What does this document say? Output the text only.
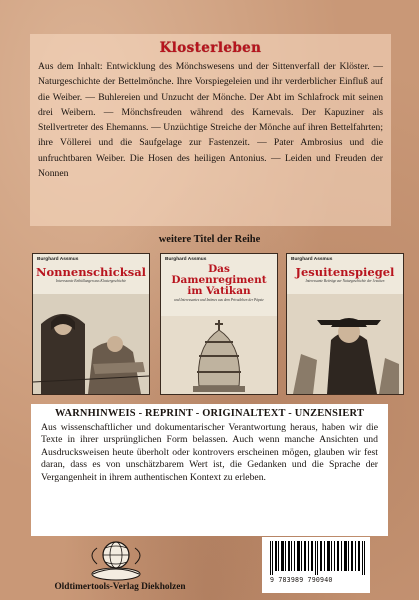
Klosterleben

Aus dem Inhalt: Entwicklung des Mönchswesens und der Sittenverfall der Klöster. — Naturgeschichte der Bettelmönche. Ihre Vorspiegeleien und ihr verderblicher Einfluß auf die Weiber. — Buhlereien und Unzucht der Mönche. Der Abt im Schlafrock mit seinen drei Weibern. — Mönchsfreuden während des Karnevals. Der Kapuziner als Stellvertreter des Ehemanns. — Unzüchtige Streiche der Mönche auf ihren Bettelfahrten; ihre Völlerei und die Saufgelage zur Fastenzeit. — Pater Ambrosius und die unfruchtbaren Weiber. Die Hosen des heiligen Antonius. — Leiden und Freuden der Nonnen

weitere Titel der Reihe
Burghard Assmus
Nonnenschicksal
Interessante Enthüllungen aus Klostergeschichte
Burghard Assmus
Das Damenregiment im Vatikan
und Interessantes und Intimes aus dem Privatleben der Päpste
Burghard Assmus
Jesuitenspiegel
Interessante Beiträge zur Naturgeschichte der Jesuiten
WARNHINWEIS - REPRINT - ORIGINALTEXT - UNZENSIERT

Aus wissenschaftlicher und dokumentarischer Verantwortung heraus, haben wir die Texte in ihrer ursprünglichen Form belassen. Auch wenn manche Ansichten und Ausdrucksweisen heute überholt oder kontrovers erscheinen mögen, glauben wir fest daran, dass es von unschätzbarem Wert ist, die Gedanken und die Sprache der Vergangenheit in ihrem authentischen Kontext zu erleben.

Oldtimertools-Verlag Diekholzen

9 783989 790940
